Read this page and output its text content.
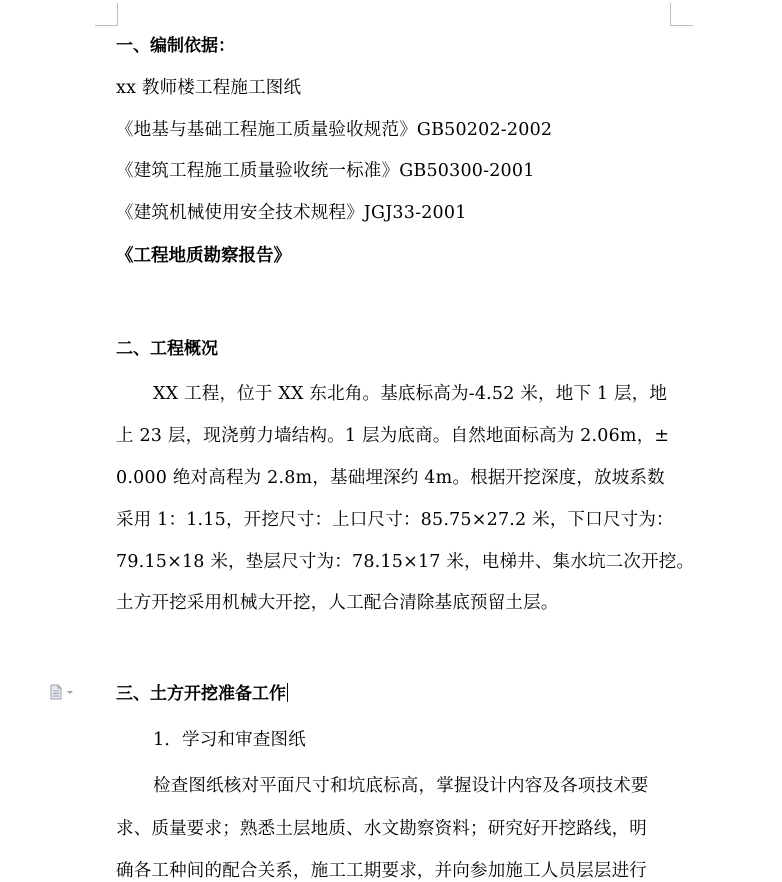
一、编制依据：
xx 教师楼工程施工图纸
《地基与基础工程施工质量验收规范》GB50202-2002
《建筑工程施工质量验收统一标准》GB50300-2001
《建筑机械使用安全技术规程》JGJ33-2001
《工程地质勘察报告》
二、工程概况
XX 工程，位于 XX 东北角。基底标高为-4.52 米，地下 1 层，地
上 23 层，现浇剪力墙结构。1 层为底商。自然地面标高为 2.06m，±
0.000 绝对高程为 2.8m，基础埋深约 4m。根据开挖深度，放坡系数
采用 1：1.15，开挖尺寸：上口尺寸：85.75×27.2 米，下口尺寸为：
79.15×18 米，垫层尺寸为：78.15×17 米，电梯井、集水坑二次开挖。
土方开挖采用机械大开挖，人工配合清除基底预留土层。
三、土方开挖准备工作
1．学习和审查图纸
检查图纸核对平面尺寸和坑底标高，掌握设计内容及各项技术要
求、质量要求；熟悉土层地质、水文勘察资料；研究好开挖路线，明
确各工种间的配合关系，施工工期要求，并向参加施工人员层层进行
